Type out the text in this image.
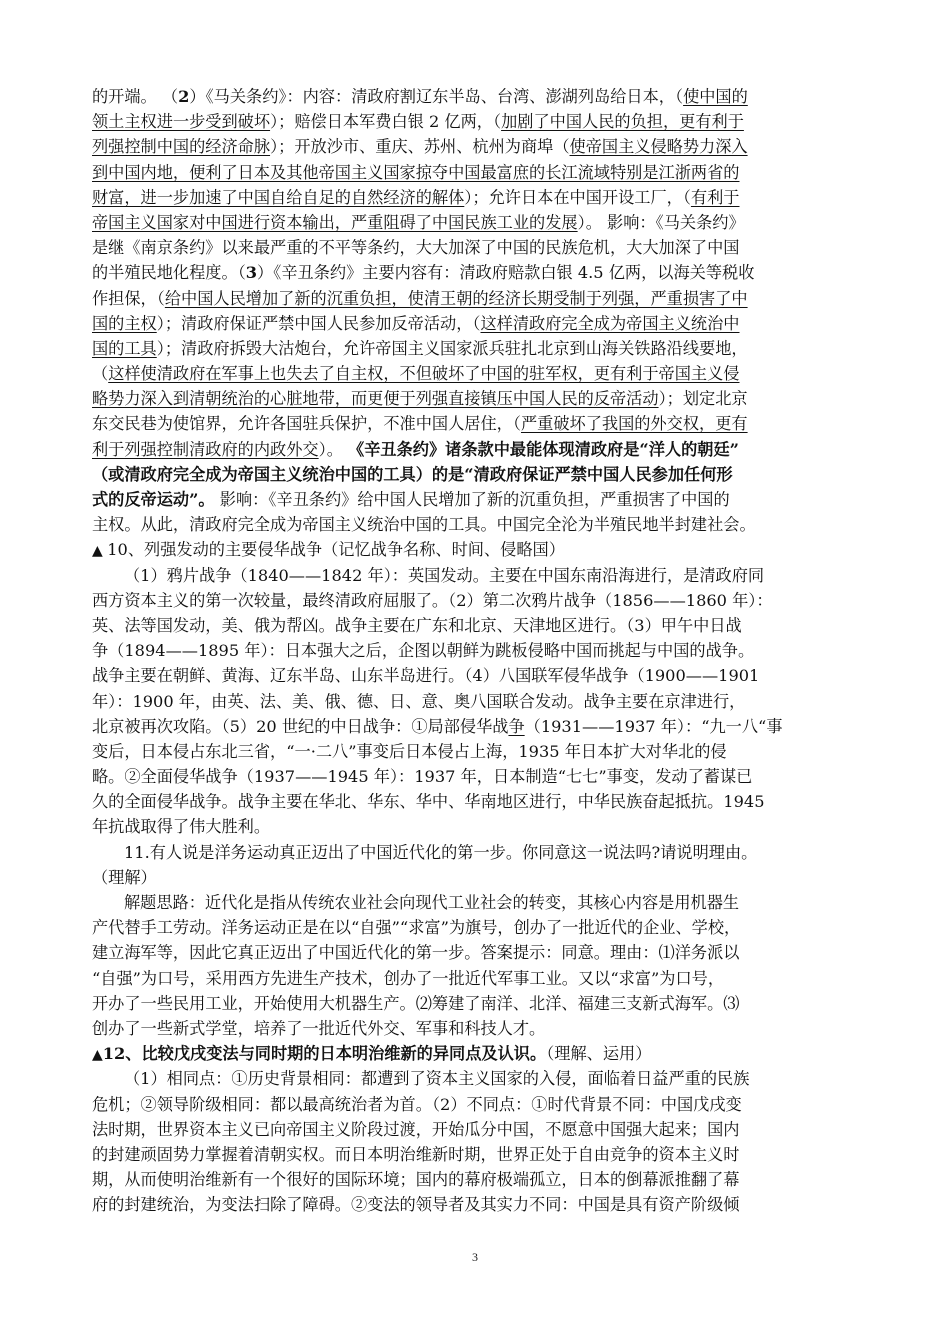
的开端。 （2）《马关条约》：内容：清政府割辽东半岛、台湾、澎湖列岛给日本，（使中国的
领土主权进一步受到破坏）；赔偿日本军费白银 2 亿两，（加剧了中国人民的负担，更有利于
列强控制中国的经济命脉）；开放沙市、重庆、苏州、杭州为商埠（使帝国主义侵略势力深入
到中国内地，便利了日本及其他帝国主义国家掠夺中国最富庶的长江流域特别是江浙两省的
财富，进一步加速了中国自给自足的自然经济的解体）；允许日本在中国开设工厂，（有利于
帝国主义国家对中国进行资本输出，严重阻碍了中国民族工业的发展）。 影响：《马关条约》
是继《南京条约》以来最严重的不平等条约，大大加深了中国的民族危机，大大加深了中国
的半殖民地化程度。（3）《辛丑条约》主要内容有：清政府赔款白银 4.5 亿两，以海关等税收
作担保，（给中国人民增加了新的沉重负担，使清王朝的经济长期受制于列强，严重损害了中
国的主权）；清政府保证严禁中国人民参加反帝活动，（这样清政府完全成为帝国主义统治中
国的工具）；清政府拆毁大沽炮台，允许帝国主义国家派兵驻扎北京到山海关铁路沿线要地，
（这样使清政府在军事上也失去了自主权，不但破坏了中国的驻军权，更有利于帝国主义侵
略势力深入到清朝统治的心脏地带，而更便于列强直接镇压中国人民的反帝活动）；划定北京
东交民巷为使馆界，允许各国驻兵保护，不准中国人居住，（严重破坏了我国的外交权，更有
利于列强控制清政府的内政外交）。 《辛丑条约》诸条款中最能体现清政府是“洋人的朝廷”
（或清政府完全成为帝国主义统治中国的工具）的是“清政府保证严禁中国人民参加任何形
式的反帝运动”。 影响：《辛丑条约》给中国人民增加了新的沉重负担，严重损害了中国的
主权。从此，清政府完全成为帝国主义统治中国的工具。中国完全沦为半殖民地半封建社会。
▲ 10、列强发动的主要侵华战争（记忆战争名称、时间、侵略国）
（1）鸦片战争（1840——1842 年）：英国发动。主要在中国东南沿海进行，是清政府同
西方资本主义的第一次较量，最终清政府屈服了。（2）第二次鸦片战争（1856——1860 年）：
英、法等国发动，美、俄为帮凶。战争主要在广东和北京、天津地区进行。（3）甲午中日战
争（1894——1895 年）：日本强大之后，企图以朝鲜为跳板侵略中国而挑起与中国的战争。
战争主要在朝鲜、黄海、辽东半岛、山东半岛进行。（4）八国联军侵华战争（1900——1901
年）：1900 年，由英、法、美、俄、德、日、意、奥八国联合发动。战争主要在京津进行，
北京被再次攻陷。（5）20 世纪的中日战争：①局部侵华战争（1931——1937 年）：“九一八“事
变后，日本侵占东北三省，“一·二八”事变后日本侵占上海，1935 年日本扩大对华北的侵
略。②全面侵华战争（1937——1945 年）：1937 年，日本制造“七七”事变，发动了蓄谋已
久的全面侵华战争。战争主要在华北、华东、华中、华南地区进行，中华民族奋起抵抗。1945
年抗战取得了伟大胜利。
11.有人说是洋务运动真正迈出了中国近代化的第一步。你同意这一说法吗?请说明理由。
（理解）
解题思路：近代化是指从传统农业社会向现代工业社会的转变，其核心内容是用机器生
产代替手工劳动。洋务运动正是在以“自强”“求富”为旗号，创办了一批近代的企业、学校，
建立海军等，因此它真正迈出了中国近代化的第一步。答案提示：同意。理由：⑴洋务派以
“自强”为口号，采用西方先进生产技术，创办了一批近代军事工业。又以“求富”为口号，
开办了一些民用工业，开始使用大机器生产。⑵筹建了南洋、北洋、福建三支新式海军。⑶
创办了一些新式学堂，培养了一批近代外交、军事和科技人才。
▲12、比较戊戌变法与同时期的日本明治维新的异同点及认识。（理解、运用）
（1）相同点：①历史背景相同：都遭到了资本主义国家的入侵，面临着日益严重的民族
危机；②领导阶级相同：都以最高统治者为首。（2）不同点：①时代背景不同：中国戊戌变
法时期，世界资本主义已向帝国主义阶段过渡，开始瓜分中国，不愿意中国强大起来；国内
的封建顽固势力掌握着清朝实权。而日本明治维新时期，世界正处于自由竞争的资本主义时
期，从而使明治维新有一个很好的国际环境；国内的幕府极端孤立，日本的倒幕派推翻了幕
府的封建统治，为变法扫除了障碍。②变法的领导者及其实力不同：中国是具有资产阶级倾
3
